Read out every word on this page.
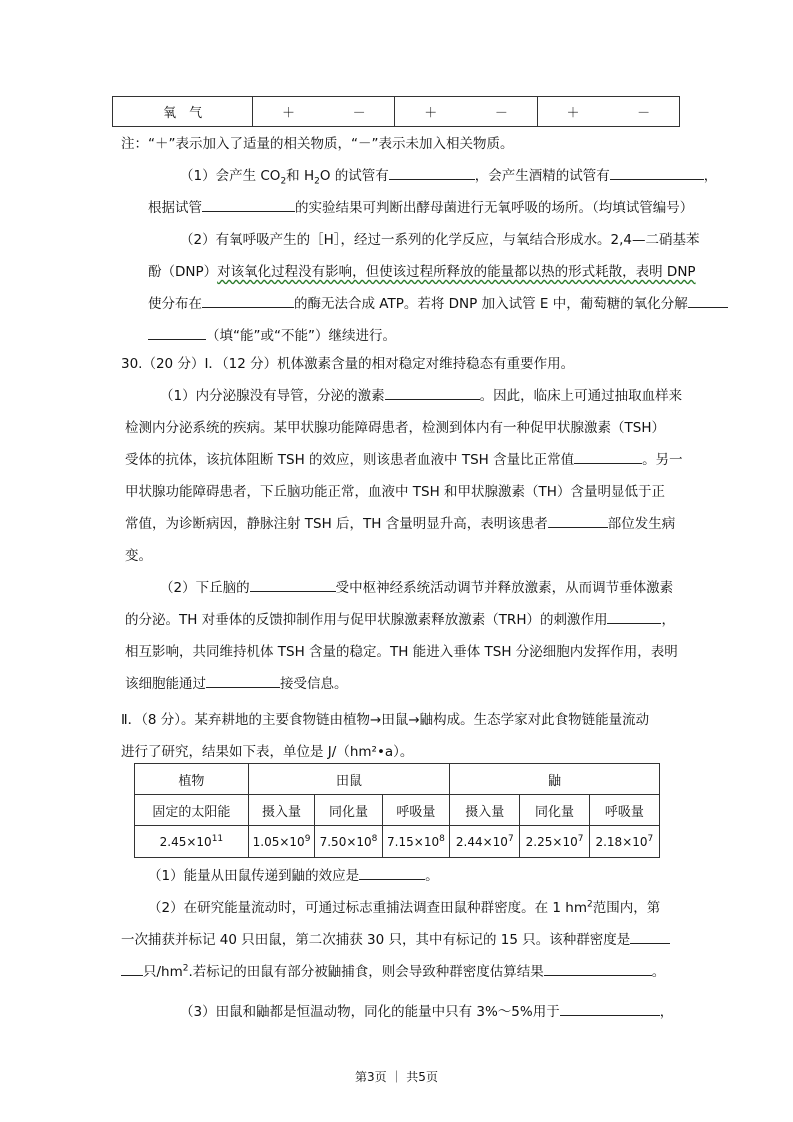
氧　气	＋	－	＋	－	＋	－
注：“＋”表示加入了适量的相关物质，“－”表示未加入相关物质。
（1）会产生 $CO_2$和 $H_2O$ 的试管有	，会产生酒精的试管有	，
根据试管	的实验结果可判断出酵母菌进行无氧呼吸的场所。（均填试管编号）
（2）有氧呼吸产生的［H］，经过一系列的化学反应，与氧结合形成水。2,4—二硝基苯
酚（DNP）对该氧化过程没有影响，但使该过程所释放的能量都以热的形式耗散，表明 DNP
使分布在	的酶无法合成 ATP。若将 DNP 加入试管 E 中，葡萄糖的氧化分解
（填“能”或“不能”）继续进行。
30.（20 分）Ⅰ．（12 分）机体激素含量的相对稳定对维持稳态有重要作用。
（1）内分泌腺没有导管，分泌的激素	。因此，临床上可通过抽取血样来
检测内分泌系统的疾病。某甲状腺功能障碍患者，检测到体内有一种促甲状腺激素（TSH）
受体的抗体，该抗体阻断 TSH 的效应，则该患者血液中 TSH 含量比正常值	。另一
甲状腺功能障碍患者，下丘脑功能正常，血液中 TSH 和甲状腺激素（TH）含量明显低于正
常值，为诊断病因，静脉注射 TSH 后，TH 含量明显升高，表明该患者	部位发生病
变。
（2）下丘脑的	受中枢神经系统活动调节并释放激素，从而调节垂体激素
的分泌。TH 对垂体的反馈抑制作用与促甲状腺激素释放激素（TRH）的刺激作用	，
相互影响，共同维持机体 TSH 含量的稳定。TH 能进入垂体 TSH 分泌细胞内发挥作用，表明
该细胞能通过	接受信息。
Ⅱ．（8 分）。某弃耕地的主要食物链由植物→田鼠→鼬构成。生态学家对此食物链能量流动
进行了研究，结果如下表，单位是 J/（hm²•a）。
植物	田鼠			鼬		
固定的太阳能	摄入量	同化量	呼吸量	摄入量	同化量	呼吸量
$2.45\times 10^{11}$	$1.05\times 10^9$	$7.50\times 10^8$	$7.15\times 10^8$	$2.44\times 10^7$	$2.25\times 10^7$	$2.18\times 10^7$
（1）能量从田鼠传递到鼬的效应是	。
（2）在研究能量流动时，可通过标志重捕法调查田鼠种群密度。在 1 $hm^2$范围内，第
一次捕获并标记 40 只田鼠，第二次捕获 30 只，其中有标记的 15 只。该种群密度是
只$/hm^2$.若标记的田鼠有部分被鼬捕食，则会导致种群密度估算结果	。
（3）田鼠和鼬都是恒温动物，同化的能量中只有 3%～5%用于	，
第3页 ｜ 共5页
